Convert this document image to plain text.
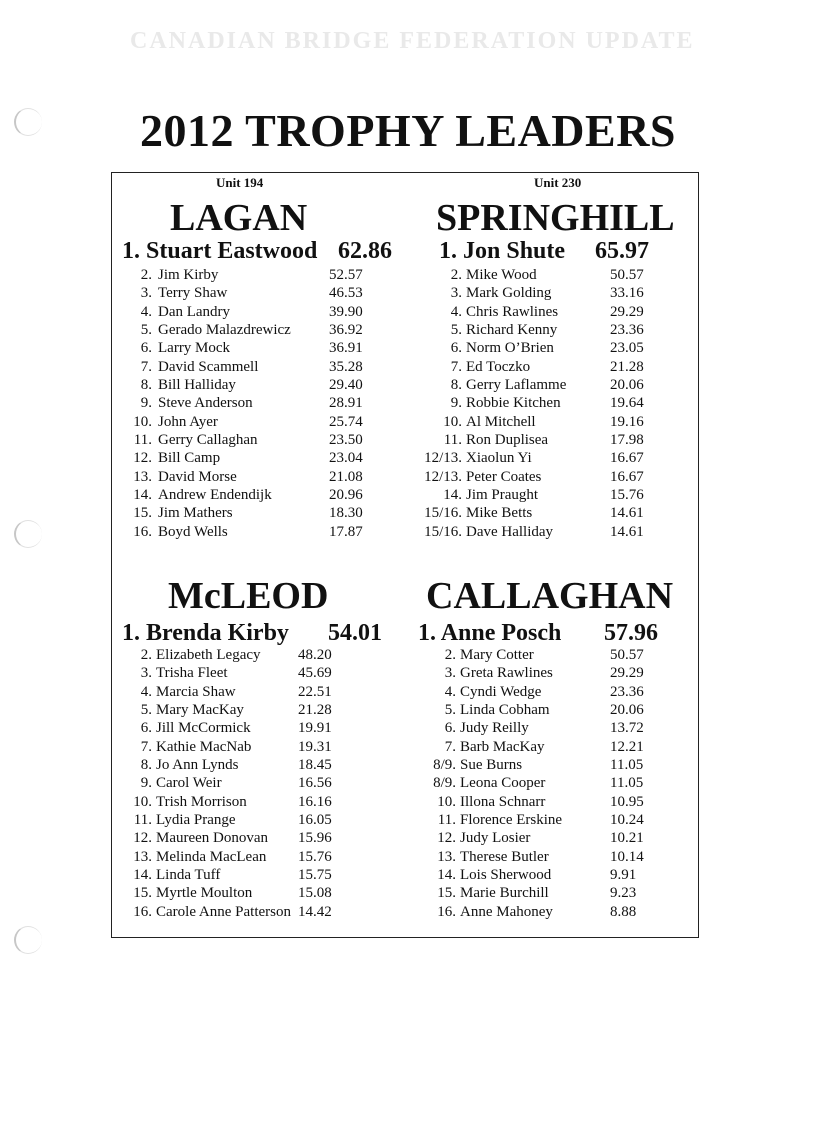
CANADIAN BRIDGE FEDERATION UPDATE
2012 TROPHY LEADERS
Unit 194
LAGAN
1. Stuart Eastwood 62.86
2. Jim Kirby	52.57
3. Terry Shaw	46.53
4. Dan Landry	39.90
5. Gerado Malazdrewicz	36.92
6. Larry Mock	36.91
7. David Scammell	35.28
8. Bill Halliday	29.40
9. Steve Anderson	28.91
10. John Ayer	25.74
11. Gerry Callaghan	23.50
12. Bill Camp	23.04
13. David Morse	21.08
14. Andrew Endendijk	20.96
15. Jim Mathers	18.30
16. Boyd Wells	17.87
Unit 230
SPRINGHILL
1. Jon Shute 65.97
2. Mike Wood	50.57
3. Mark Golding	33.16
4. Chris Rawlines	29.29
5. Richard Kenny	23.36
6. Norm O’Brien	23.05
7. Ed Toczko	21.28
8. Gerry Laflamme	20.06
9. Robbie Kitchen	19.64
10. Al Mitchell	19.16
11. Ron Duplisea	17.98
12/13. Xiaolun Yi	16.67
12/13. Peter Coates	16.67
14. Jim Praught	15.76
15/16. Mike Betts	14.61
15/16. Dave Halliday	14.61
McLEOD
1. Brenda Kirby 54.01
2. Elizabeth Legacy 48.20
3. Trisha Fleet	45.69
4. Marcia Shaw	22.51
5. Mary MacKay	21.28
6. Jill McCormick	19.91
7. Kathie MacNab	19.31
8. Jo Ann Lynds	18.45
9. Carol Weir	16.56
10. Trish Morrison	16.16
11. Lydia Prange	16.05
12. Maureen Donovan 15.96
13. Melinda MacLean 15.76
14. Linda Tuff	15.75
15. Myrtle Moulton	15.08
16. Carole Anne Patterson 14.42
CALLAGHAN
1. Anne Posch 57.96
2. Mary Cotter	50.57
3. Greta Rawlines	29.29
4. Cyndi Wedge	23.36
5. Linda Cobham	20.06
6. Judy Reilly	13.72
7. Barb MacKay	12.21
8/9. Sue Burns	11.05
8/9. Leona Cooper	11.05
10. Illona Schnarr	10.95
11. Florence Erskine	10.24
12. Judy Losier	10.21
13. Therese Butler	10.14
14. Lois Sherwood	9.91
15. Marie Burchill	9.23
16. Anne Mahoney	8.88
